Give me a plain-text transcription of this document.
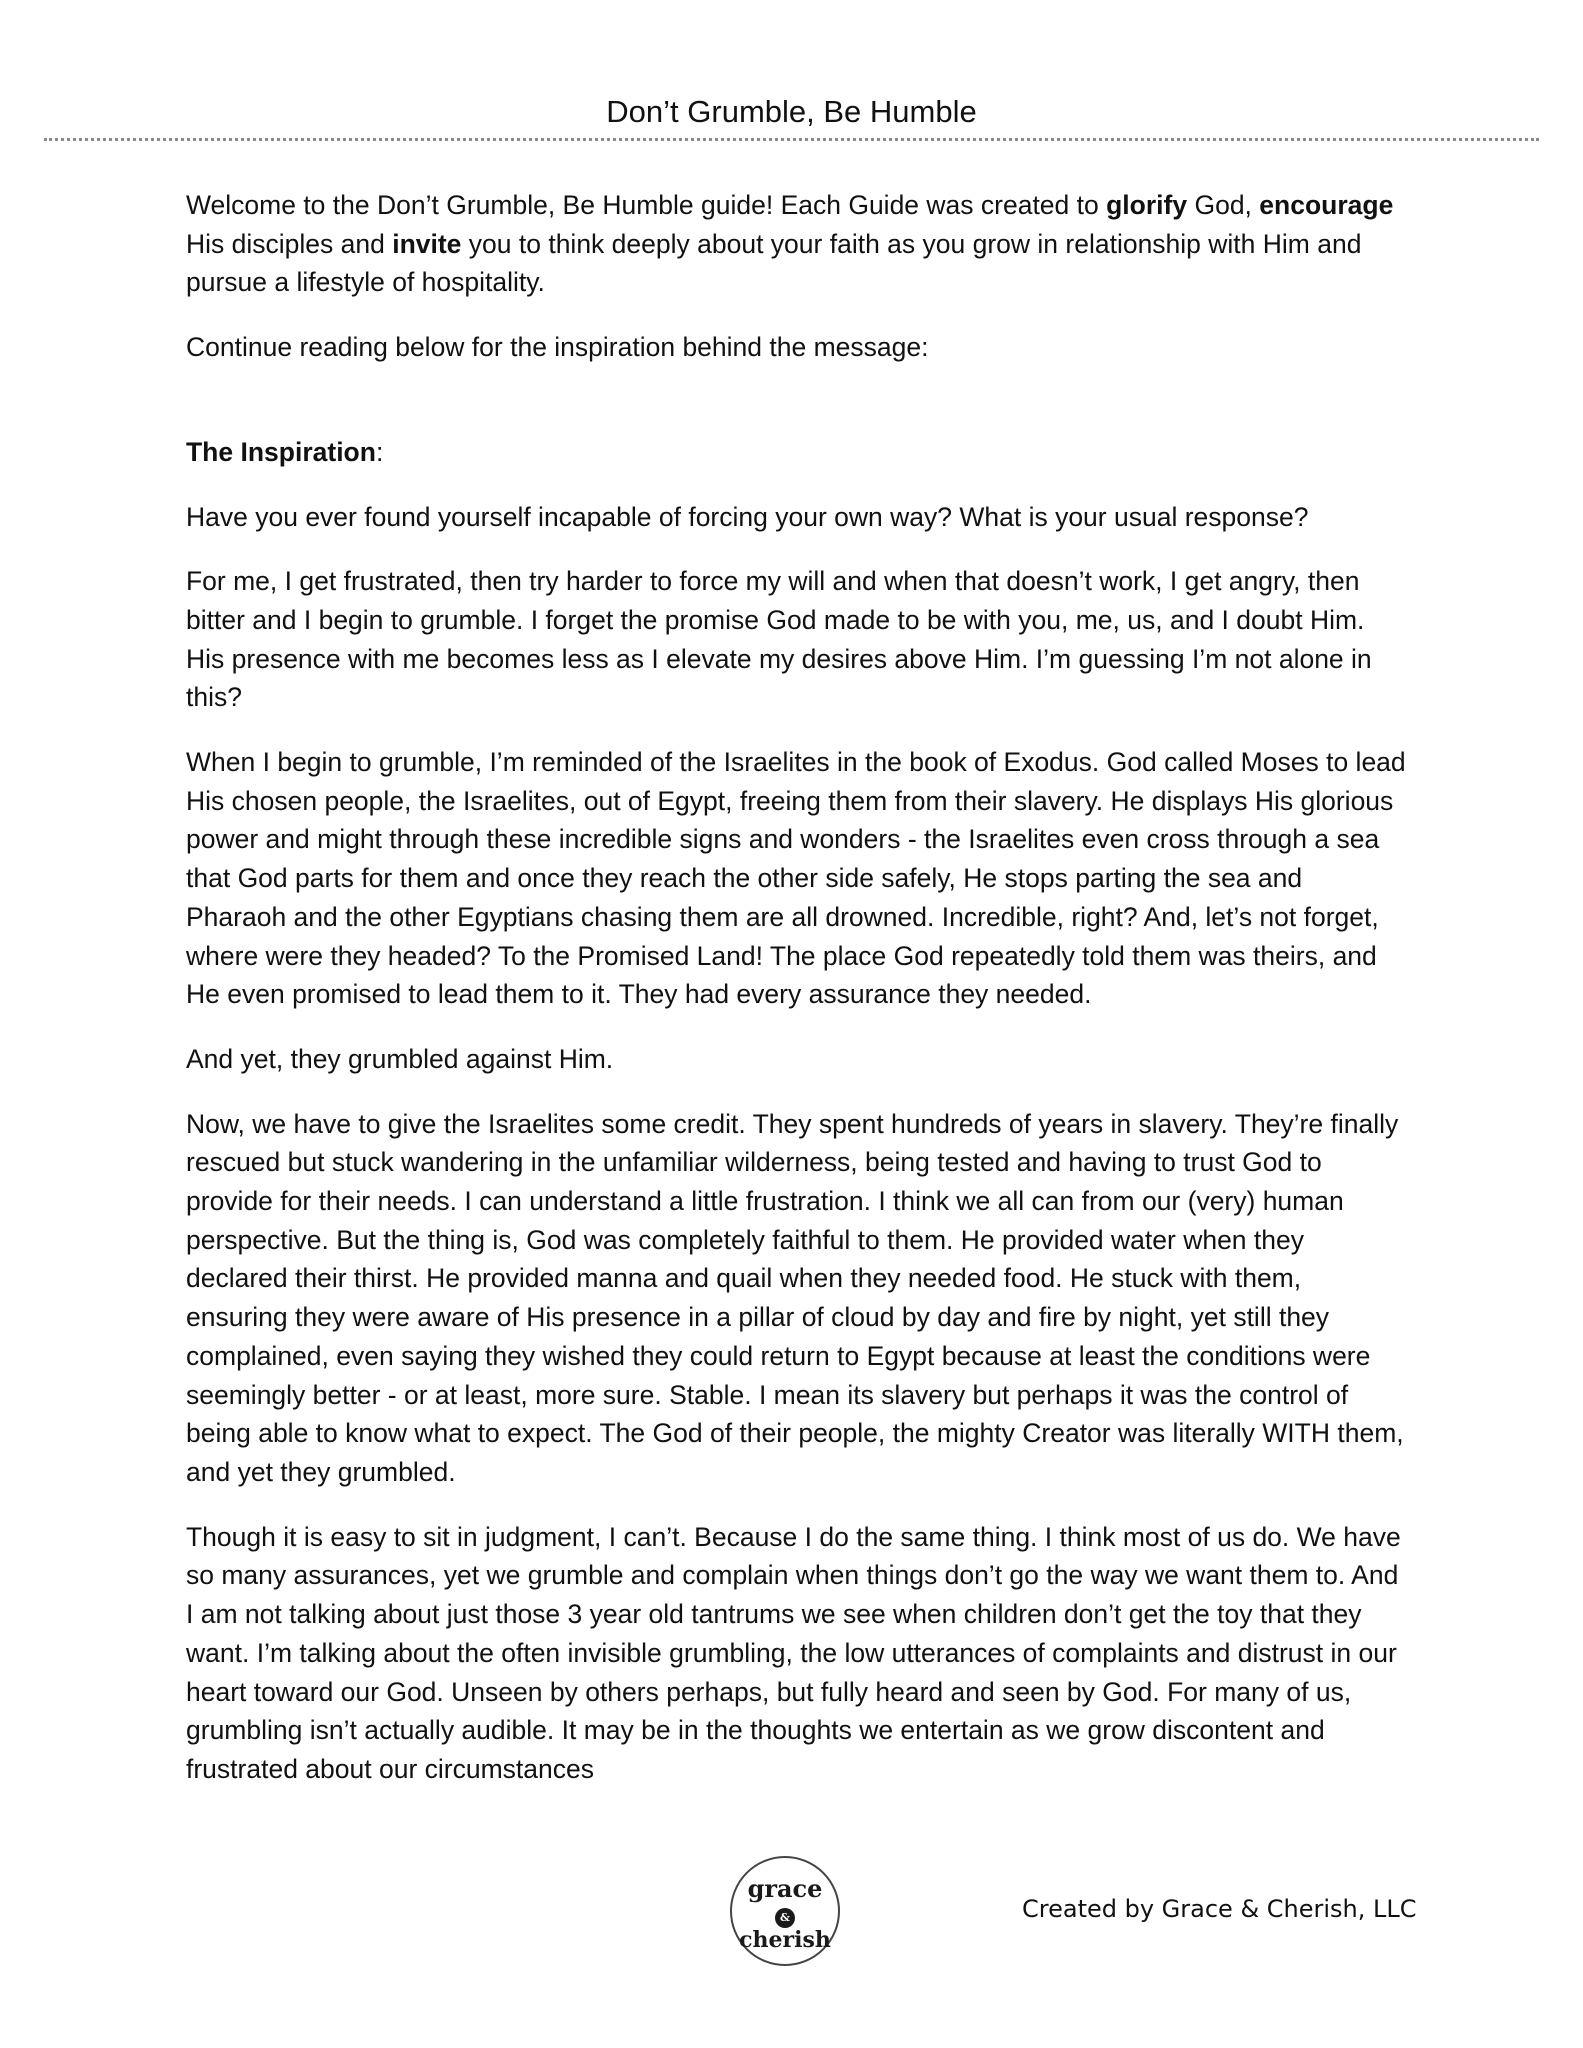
Don’t Grumble, Be Humble

Welcome to the Don’t Grumble, Be Humble guide! Each Guide was created to glorify God, encourage His disciples and invite you to think deeply about your faith as you grow in relationship with Him and pursue a lifestyle of hospitality.

Continue reading below for the inspiration behind the message:

The Inspiration:

Have you ever found yourself incapable of forcing your own way? What is your usual response?

For me, I get frustrated, then try harder to force my will and when that doesn’t work, I get angry, then bitter and I begin to grumble. I forget the promise God made to be with you, me, us, and I doubt Him. His presence with me becomes less as I elevate my desires above Him. I’m guessing I’m not alone in this?

When I begin to grumble, I’m reminded of the Israelites in the book of Exodus. God called Moses to lead His chosen people, the Israelites, out of Egypt, freeing them from their slavery. He displays His glorious power and might through these incredible signs and wonders - the Israelites even cross through a sea that God parts for them and once they reach the other side safely, He stops parting the sea and Pharaoh and the other Egyptians chasing them are all drowned. Incredible, right? And, let’s not forget, where were they headed? To the Promised Land! The place God repeatedly told them was theirs, and He even promised to lead them to it. They had every assurance they needed.

And yet, they grumbled against Him.

Now, we have to give the Israelites some credit. They spent hundreds of years in slavery. They’re finally rescued but stuck wandering in the unfamiliar wilderness, being tested and having to trust God to provide for their needs. I can understand a little frustration. I think we all can from our (very) human perspective. But the thing is, God was completely faithful to them. He provided water when they declared their thirst. He provided manna and quail when they needed food. He stuck with them, ensuring they were aware of His presence in a pillar of cloud by day and fire by night, yet still they complained, even saying they wished they could return to Egypt because at least the conditions were seemingly better - or at least, more sure. Stable. I mean its slavery but perhaps it was the control of being able to know what to expect. The God of their people, the mighty Creator was literally WITH them, and yet they grumbled.

Though it is easy to sit in judgment, I can’t. Because I do the same thing. I think most of us do. We have so many assurances, yet we grumble and complain when things don’t go the way we want them to. And I am not talking about just those 3 year old tantrums we see when children don’t get the toy that they want. I’m talking about the often invisible grumbling, the low utterances of complaints and distrust in our heart toward our God. Unseen by others perhaps, but fully heard and seen by God. For many of us, grumbling isn’t actually audible. It may be in the thoughts we entertain as we grow discontent and frustrated about our circumstances

grace
&
cherish
Created by Grace & Cherish, LLC
